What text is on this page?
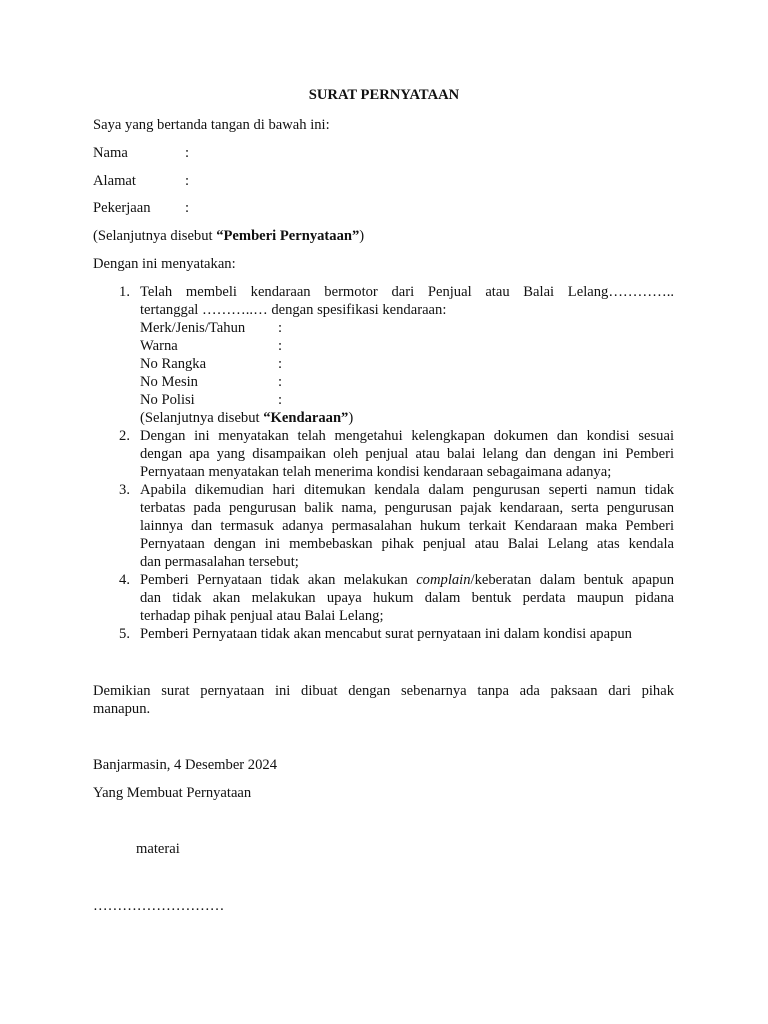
SURAT PERNYATAAN
Saya yang bertanda tangan di bawah ini:
Nama	:
Alamat	:
Pekerjaan :
(Selanjutnya disebut “Pemberi Pernyataan”)
Dengan ini menyatakan:
1. Telah membeli kendaraan bermotor dari Penjual atau Balai Lelang…………..
tertanggal ………..… dengan spesifikasi kendaraan:
Merk/Jenis/Tahun :
Warna	:
No Rangka	:
No Mesin	:
No Polisi	:
(Selanjutnya disebut “Kendaraan”)
2. Dengan ini menyatakan telah mengetahui kelengkapan dokumen dan kondisi sesuai
dengan apa yang disampaikan oleh penjual atau balai lelang dan dengan ini Pemberi
Pernyataan menyatakan telah menerima kondisi kendaraan sebagaimana adanya;
3. Apabila dikemudian hari ditemukan kendala dalam pengurusan seperti namun tidak
terbatas pada pengurusan balik nama, pengurusan pajak kendaraan, serta pengurusan
lainnya dan termasuk adanya permasalahan hukum terkait Kendaraan maka Pemberi
Pernyataan dengan ini membebaskan pihak penjual atau Balai Lelang atas kendala
dan permasalahan tersebut;
4. Pemberi Pernyataan tidak akan melakukan complain/keberatan dalam bentuk apapun
dan tidak akan melakukan upaya hukum dalam bentuk perdata maupun pidana
terhadap pihak penjual atau Balai Lelang;
5. Pemberi Pernyataan tidak akan mencabut surat pernyataan ini dalam kondisi apapun
Demikian surat pernyataan ini dibuat dengan sebenarnya tanpa ada paksaan dari pihak
manapun.
Banjarmasin, 4 Desember 2024
Yang Membuat Pernyataan
materai
………………………
